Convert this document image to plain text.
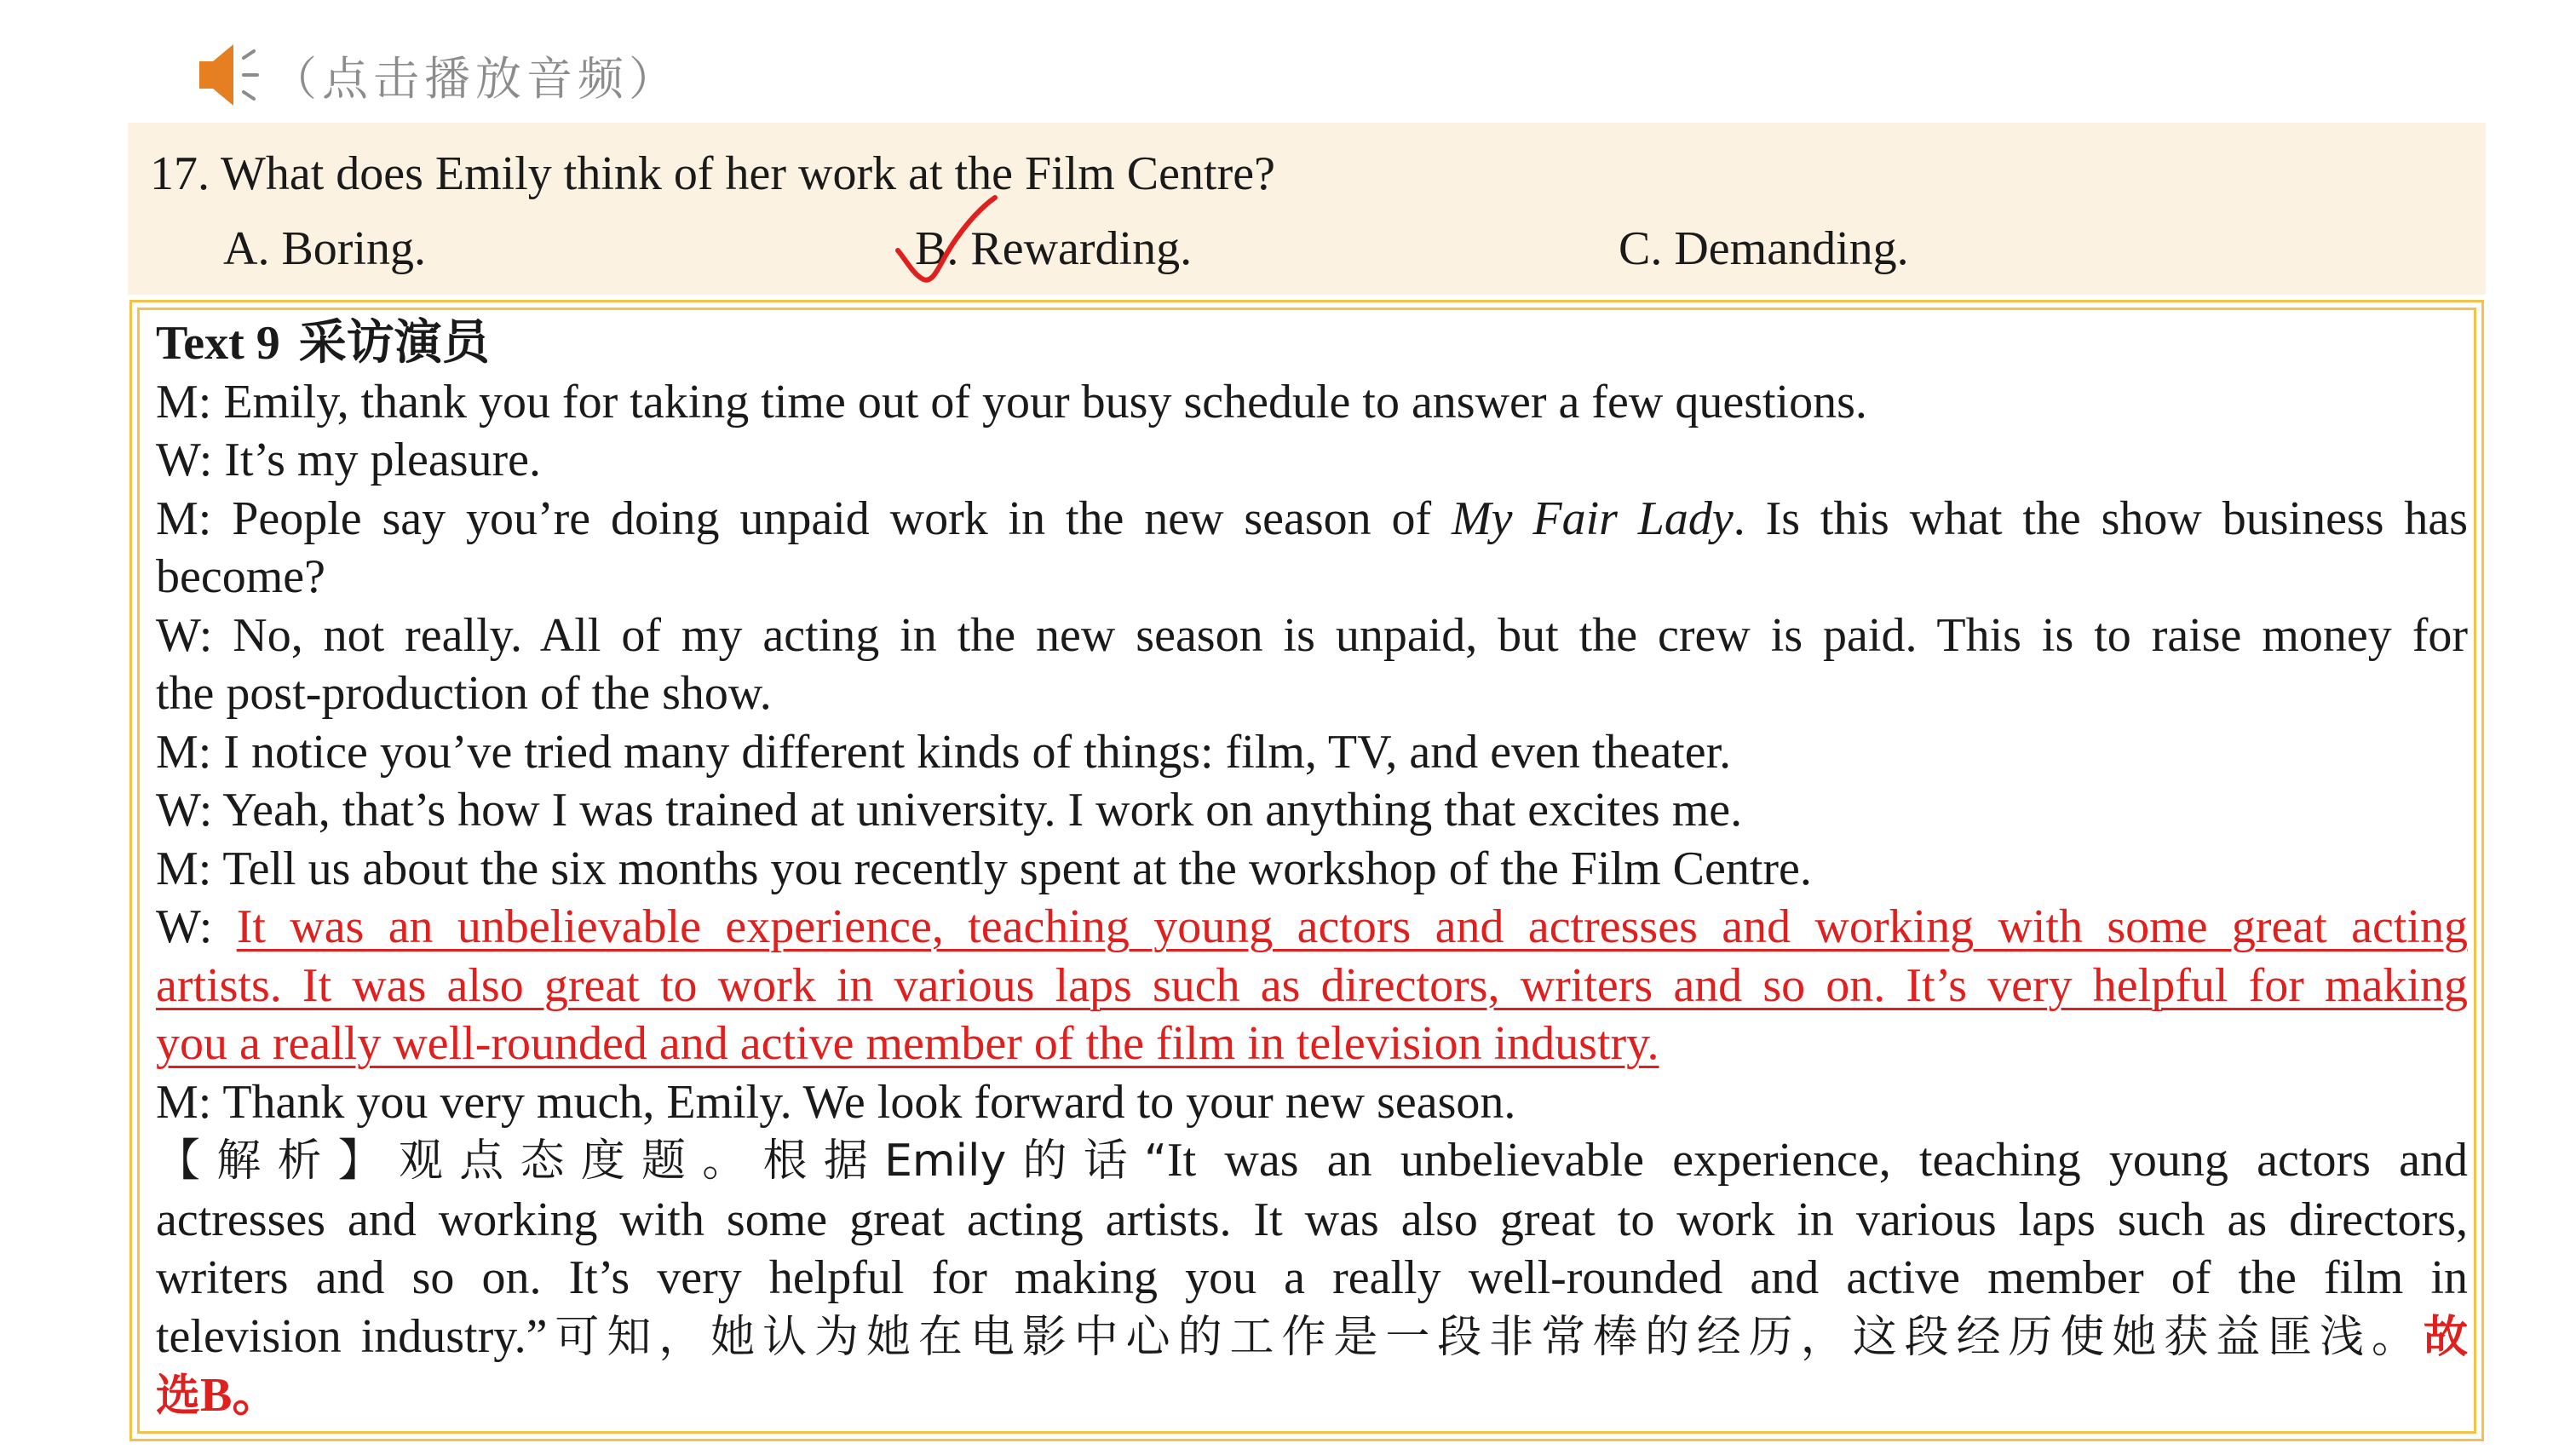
（点击播放音频）
17. What does Emily think of her work at the Film Centre?
A. Boring.	B. Rewarding.	C. Demanding.

Text 9 采访演员

M: Emily, thank you for taking time out of your busy schedule to answer a few questions.

W: It’s my pleasure.

M: People say you’re doing unpaid work in the new season of My Fair Lady. Is this what the show business has

become?

W: No, not really. All of my acting in the new season is unpaid, but the crew is paid. This is to raise money for

the post-production of the show.

M: I notice you’ve tried many different kinds of things: film, TV, and even theater.

W: Yeah, that’s how I was trained at university. I work on anything that excites me.

M: Tell us about the six months you recently spent at the workshop of the Film Centre.

W: It was an unbelievable experience, teaching young actors and actresses and working with some great acting

artists. It was also great to work in various laps such as directors, writers and so on. It’s very helpful for making

you a really well-rounded and active member of the film in television industry.

M: Thank you very much, Emily. We look forward to your new season.

【解析】观点态度题。根据Emily的话“It was an unbelievable experience, teaching young actors and

actresses and working with some great acting artists. It was also great to work in various laps such as directors,

writers and so on. It’s very helpful for making you a really well-rounded and active member of the film in

television industry.”可知，她认为她在电影中心的工作是一段非常棒的经历，这段经历使她获益匪浅。故

选B。
